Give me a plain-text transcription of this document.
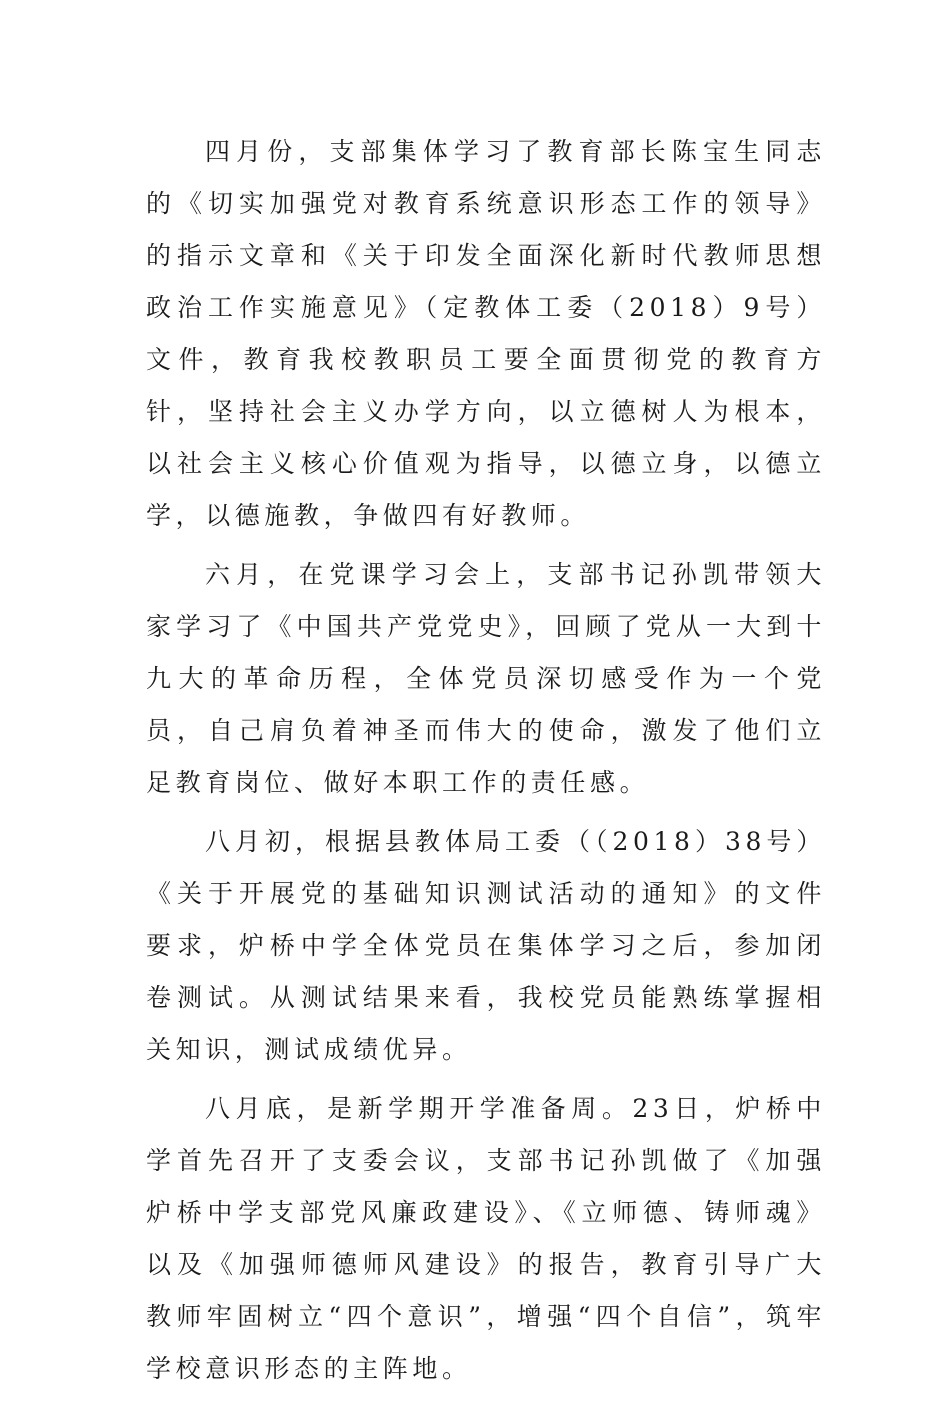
四月份，支部集体学习了教育部长陈宝生同志的《切实加强党对教育系统意识形态工作的领导》的指示文章和《关于印发全面深化新时代教师思想政治工作实施意见》（定教体工委（2018）9号）文件，教育我校教职员工要全面贯彻党的教育方针，坚持社会主义办学方向，以立德树人为根本，以社会主义核心价值观为指导，以德立身，以德立学，以德施教，争做四有好教师。

六月，在党课学习会上，支部书记孙凯带领大家学习了《中国共产党党史》，回顾了党从一大到十九大的革命历程，全体党员深切感受作为一个党员，自己肩负着神圣而伟大的使命，激发了他们立足教育岗位、做好本职工作的责任感。

八月初，根据县教体局工委（（2018）38号）《关于开展党的基础知识测试活动的通知》的文件要求，炉桥中学全体党员在集体学习之后，参加闭卷测试。从测试结果来看，我校党员能熟练掌握相关知识，测试成绩优异。

八月底，是新学期开学准备周。23日，炉桥中学首先召开了支委会议，支部书记孙凯做了《加强炉桥中学支部党风廉政建设》、《立师德、铸师魂》以及《加强师德师风建设》的报告，教育引导广大教师牢固树立“四个意识”，增强“四个自信”，筑牢学校意识形态的主阵地。
